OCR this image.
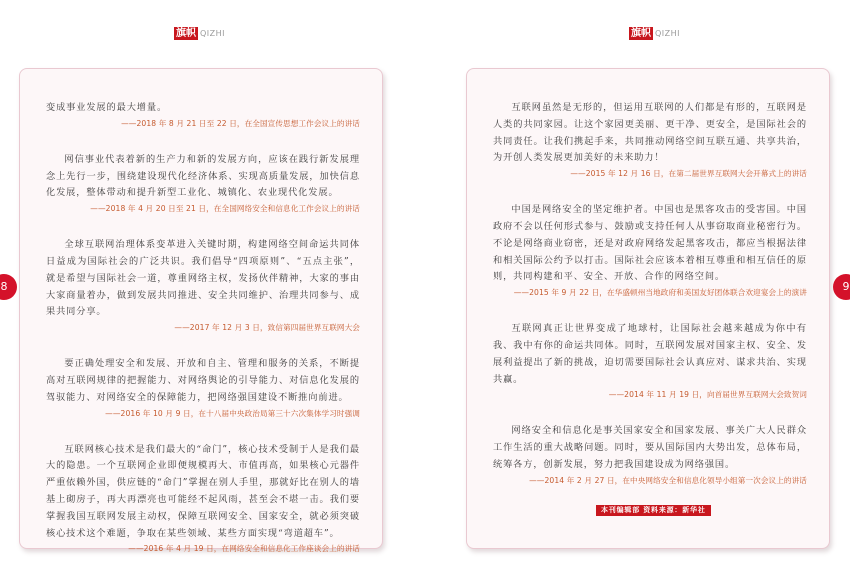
旗帜 QIZHI	旗帜 QIZHI

变成事业发展的最大增量。

——2018 年 8 月 21 日至 22 日，在全国宣传思想工作会议上的讲话

网信事业代表着新的生产力和新的发展方向，应该在践行新发展理念上先行一步，围绕建设现代化经济体系、实现高质量发展，加快信息化发展，整体带动和提升新型工业化、城镇化、农业现代化发展。

——2018 年 4 月 20 日至 21 日，在全国网络安全和信息化工作会议上的讲话

全球互联网治理体系变革进入关键时期，构建网络空间命运共同体日益成为国际社会的广泛共识。我们倡导“四项原则”、“五点主张”，就是希望与国际社会一道，尊重网络主权，发扬伙伴精神，大家的事由大家商量着办，做到发展共同推进、安全共同维护、治理共同参与、成果共同分享。

——2017 年 12 月 3 日，致信第四届世界互联网大会

要正确处理安全和发展、开放和自主、管理和服务的关系，不断提高对互联网规律的把握能力、对网络舆论的引导能力、对信息化发展的驾驭能力、对网络安全的保障能力，把网络强国建设不断推向前进。

——2016 年 10 月 9 日，在十八届中央政治局第三十六次集体学习时强调

互联网核心技术是我们最大的“命门”，核心技术受制于人是我们最大的隐患。一个互联网企业即便规模再大、市值再高，如果核心元器件严重依赖外国，供应链的“命门”掌握在别人手里，那就好比在别人的墙基上砌房子，再大再漂亮也可能经不起风雨，甚至会不堪一击。我们要掌握我国互联网发展主动权，保障互联网安全、国家安全，就必须突破核心技术这个难题，争取在某些领域、某些方面实现“弯道超车”。

——2016 年 4 月 19 日，在网络安全和信息化工作座谈会上的讲话

互联网虽然是无形的，但运用互联网的人们都是有形的，互联网是人类的共同家园。让这个家园更美丽、更干净、更安全，是国际社会的共同责任。让我们携起手来，共同推动网络空间互联互通、共享共治，为开创人类发展更加美好的未来助力！

——2015 年 12 月 16 日，在第二届世界互联网大会开幕式上的讲话

中国是网络安全的坚定维护者。中国也是黑客攻击的受害国。中国政府不会以任何形式参与、鼓励或支持任何人从事窃取商业秘密行为。不论是网络商业窃密，还是对政府网络发起黑客攻击，都应当根据法律和相关国际公约予以打击。国际社会应该本着相互尊重和相互信任的原则，共同构建和平、安全、开放、合作的网络空间。

——2015 年 9 月 22 日，在华盛顿州当地政府和美国友好团体联合欢迎宴会上的演讲

互联网真正让世界变成了地球村，让国际社会越来越成为你中有我、我中有你的命运共同体。同时，互联网发展对国家主权、安全、发展利益提出了新的挑战，迫切需要国际社会认真应对、谋求共治、实现共赢。

——2014 年 11 月 19 日，向首届世界互联网大会致贺词

网络安全和信息化是事关国家安全和国家发展、事关广大人民群众工作生活的重大战略问题。同时，要从国际国内大势出发，总体布局，统筹各方，创新发展，努力把我国建设成为网络强国。

——2014 年 2 月 27 日，在中央网络安全和信息化领导小组第一次会议上的讲话

8	9
本刊编辑部 资料来源：新华社
